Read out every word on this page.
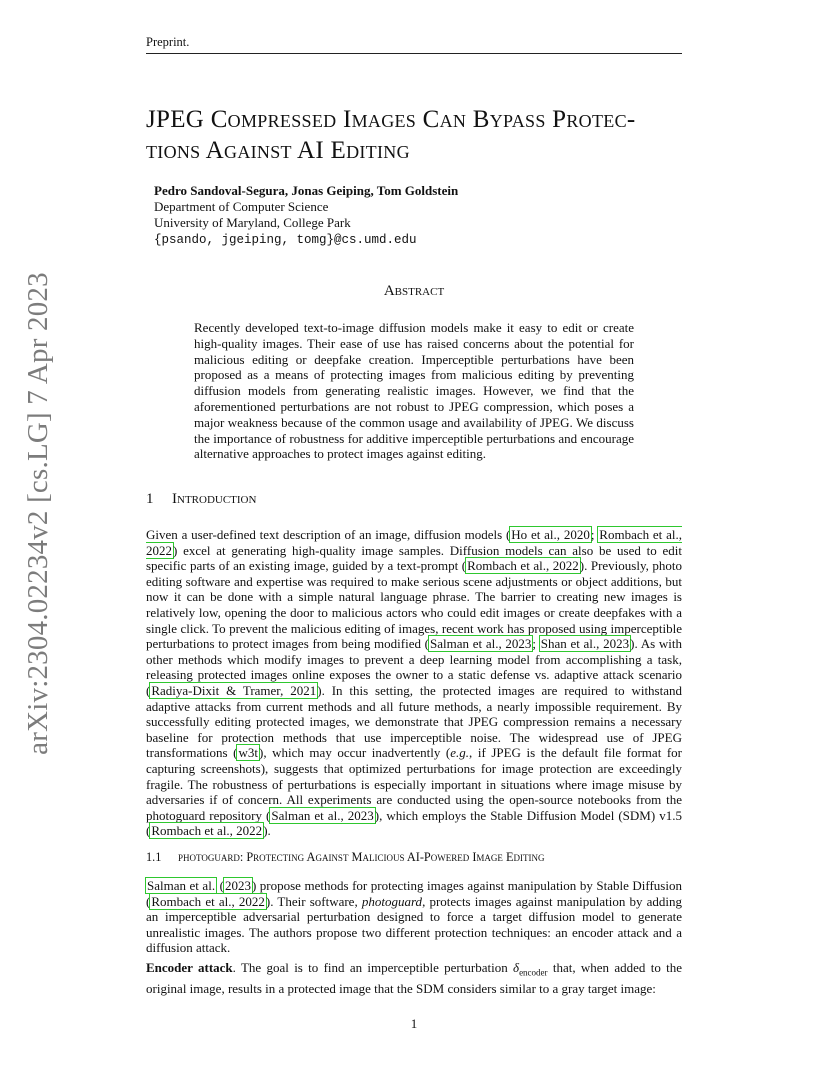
Preprint.
arXiv:2304.02234v2 [cs.LG] 7 Apr 2023
JPEG Compressed Images Can Bypass Protec-
tions Against AI Editing
Pedro Sandoval-Segura, Jonas Geiping, Tom Goldstein
Department of Computer Science
University of Maryland, College Park
{psando, jgeiping, tomg}@cs.umd.edu
Abstract
Recently developed text-to-image diffusion models make it easy to edit or create high-quality images. Their ease of use has raised concerns about the potential for malicious editing or deepfake creation. Imperceptible perturbations have been proposed as a means of protecting images from malicious editing by preventing diffusion models from generating realistic images. However, we find that the aforementioned perturbations are not robust to JPEG compression, which poses a major weakness because of the common usage and availability of JPEG. We discuss the importance of robustness for additive imperceptible perturbations and encourage alternative approaches to protect images against editing.
1 Introduction
Given a user-defined text description of an image, diffusion models (Ho et al., 2020; Rombach et al., 2022) excel at generating high-quality image samples. Diffusion models can also be used to edit specific parts of an existing image, guided by a text-prompt (Rombach et al., 2022). Previously, photo editing software and expertise was required to make serious scene adjustments or object additions, but now it can be done with a simple natural language phrase. The barrier to creating new images is relatively low, opening the door to malicious actors who could edit images or create deepfakes with a single click. To prevent the malicious editing of images, recent work has proposed using imperceptible perturbations to protect images from being modified (Salman et al., 2023; Shan et al., 2023). As with other methods which modify images to prevent a deep learning model from accomplishing a task, releasing protected images online exposes the owner to a static defense vs. adaptive attack scenario (Radiya-Dixit & Tramer, 2021). In this setting, the protected images are required to withstand adaptive attacks from current methods and all future methods, a nearly impossible requirement. By successfully editing protected images, we demonstrate that JPEG compression remains a necessary baseline for protection methods that use imperceptible noise. The widespread use of JPEG transformations (w3t), which may occur inadvertently (e.g., if JPEG is the default file format for capturing screenshots), suggests that optimized perturbations for image protection are exceedingly fragile. The robustness of perturbations is especially important in situations where image misuse by adversaries if of concern. All experiments are conducted using the open-source notebooks from the photoguard repository (Salman et al., 2023), which employs the Stable Diffusion Model (SDM) v1.5 (Rombach et al., 2022).
1.1 photoguard: Protecting Against Malicious AI-Powered Image Editing
Salman et al. (2023) propose methods for protecting images against manipulation by Stable Diffusion (Rombach et al., 2022). Their software, photoguard, protects images against manipulation by adding an imperceptible adversarial perturbation designed to force a target diffusion model to generate unrealistic images. The authors propose two different protection techniques: an encoder attack and a diffusion attack.
Encoder attack. The goal is to find an imperceptible perturbation $\delta_{encoder}$ that, when added to the original image, results in a protected image that the SDM considers similar to a gray target image:
1
